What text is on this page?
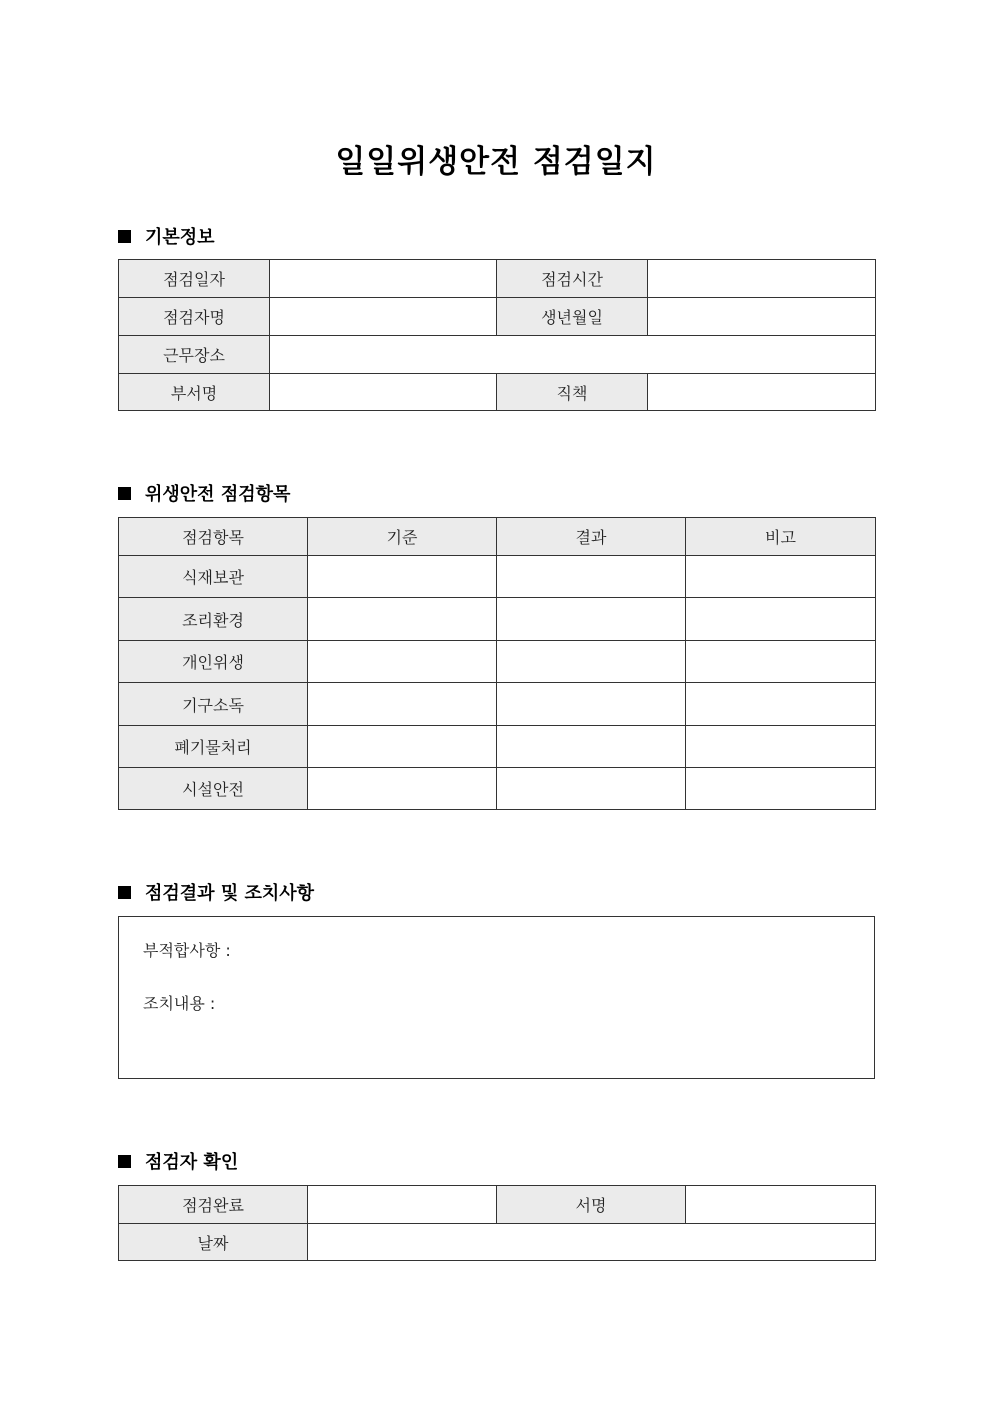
일일위생안전 점검일지
기본정보
점검일자		점검시간	
점검자명		생년월일	
근무장소			
부서명		직책	
위생안전 점검항목
점검항목	기준	결과	비고
식재보관			
조리환경			
개인위생			
기구소독			
폐기물처리			
시설안전			
점검결과 및 조치사항
부적합사항 :
조치내용 :
점검자 확인
점검완료		서명	
날짜			
